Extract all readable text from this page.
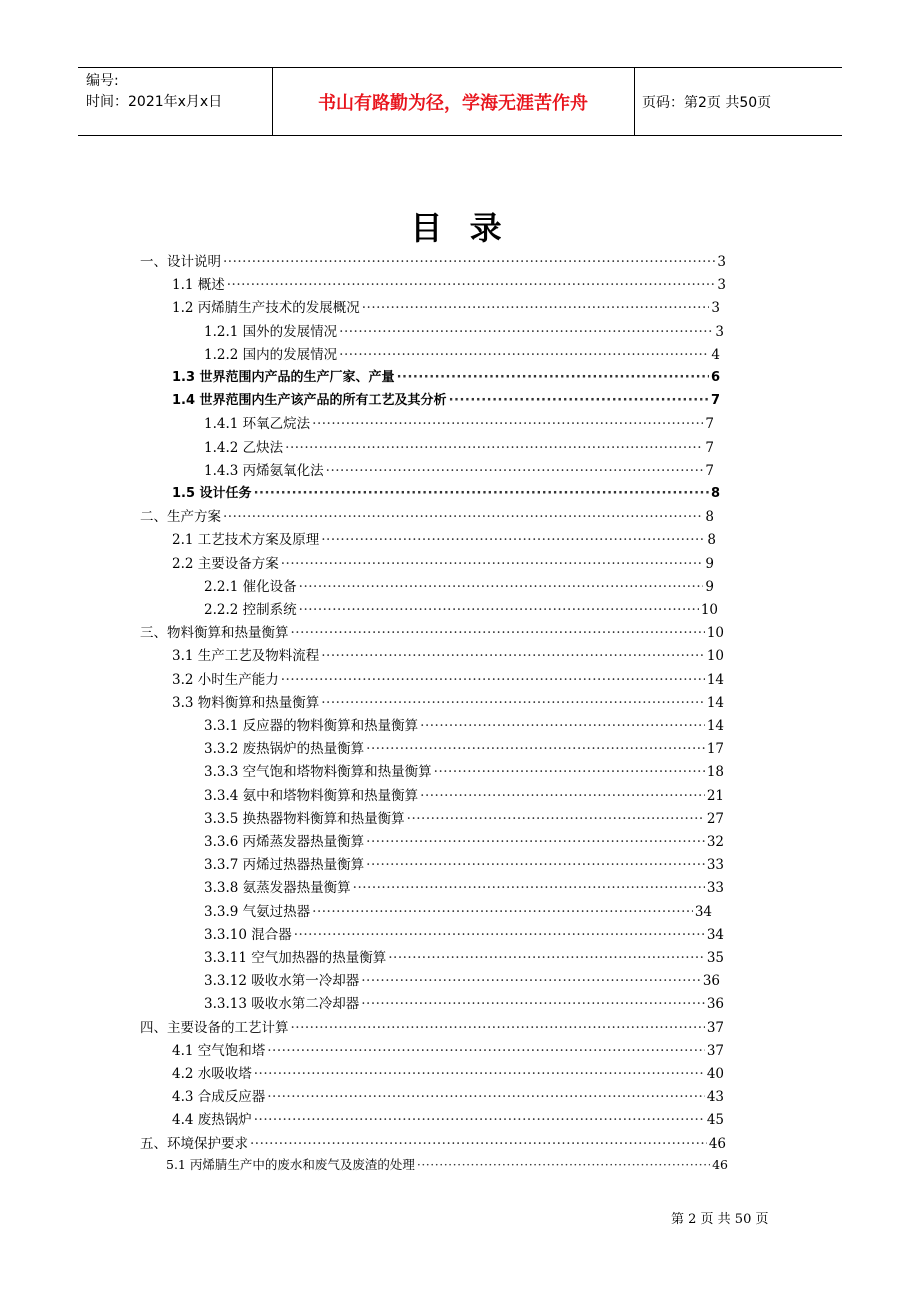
编号:
时间：2021年x月x日	书山有路勤为径，学海无涯苦作舟	页码：第2页 共50页
目 录
一、设计说明 ·····	3
1.1 概述 ·····	3
1.2 丙烯腈生产技术的发展概况 ·····	3
1.2.1 国外的发展情况 ·····	3
1.2.2 国内的发展情况 ·····	4
1.3 世界范围内产品的生产厂家、产量 ·····	6
1.4 世界范围内生产该产品的所有工艺及其分析 ·····	7
1.4.1 环氧乙烷法 ·····	7
1.4.2 乙炔法 ·····	7
1.4.3 丙烯氨氧化法 ·····	7
1.5 设计任务 ·····	8
二、生产方案 ·····	8
2.1 工艺技术方案及原理 ·····	8
2.2 主要设备方案 ·····	9
2.2.1 催化设备 ·····	9
2.2.2 控制系统 ·····	10
三、物料衡算和热量衡算 ·····	10
3.1 生产工艺及物料流程 ·····	10
3.2 小时生产能力 ·····	14
3.3 物料衡算和热量衡算 ·····	14
3.3.1 反应器的物料衡算和热量衡算 ·····	14
3.3.2 废热锅炉的热量衡算 ·····	17
3.3.3 空气饱和塔物料衡算和热量衡算 ·····	18
3.3.4 氨中和塔物料衡算和热量衡算 ·····	21
3.3.5 换热器物料衡算和热量衡算 ·····	27
3.3.6 丙烯蒸发器热量衡算 ·····	32
3.3.7 丙烯过热器热量衡算 ·····	33
3.3.8 氨蒸发器热量衡算 ·····	33
3.3.9 气氨过热器 ·····	34
3.3.10 混合器 ·····	34
3.3.11 空气加热器的热量衡算 ·····	35
3.3.12 吸收水第一冷却器 ·····	36
3.3.13 吸收水第二冷却器 ·····	36
四、主要设备的工艺计算 ·····	37
4.1 空气饱和塔 ·····	37
4.2 水吸收塔 ·····	40
4.3 合成反应器 ·····	43
4.4 废热锅炉 ·····	45
五、环境保护要求 ·····	46
5.1 丙烯腈生产中的废水和废气及废渣的处理 ·····	46
第 2 页 共 50 页
